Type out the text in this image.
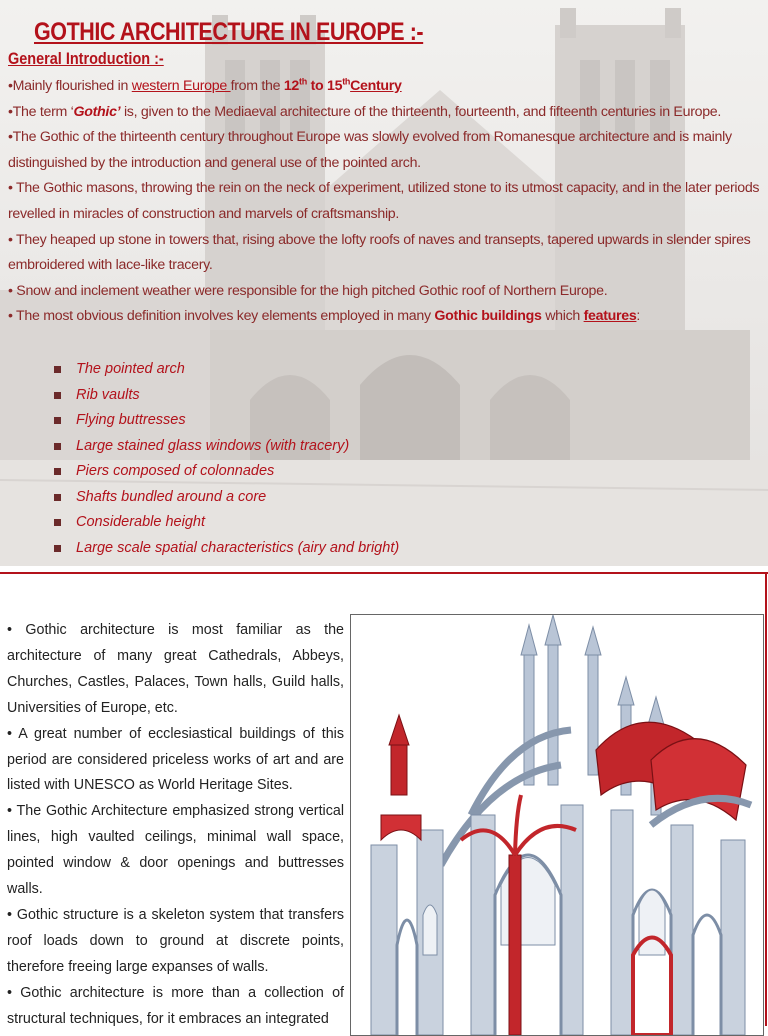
GOTHIC ARCHITECTURE IN EUROPE :-
General Introduction :-
•Mainly flourished in western Europe from the 12th to 15thCentury
•The term ‘Gothic’ is, given to the Mediaeval architecture of the thirteenth, fourteenth, and fifteenth centuries in Europe.
•The Gothic of the thirteenth century throughout Europe was slowly evolved from Romanesque architecture and is mainly distinguished by the introduction and general use of the pointed arch.
• The Gothic masons, throwing the rein on the neck of experiment, utilized stone to its utmost capacity, and in the later periods revelled in miracles of construction and marvels of craftsmanship.
• They heaped up stone in towers that, rising above the lofty roofs of naves and transepts, tapered upwards in slender spires embroidered with lace-like tracery.
• Snow and inclement weather were responsible for the high pitched Gothic roof of Northern Europe.
• The most obvious definition involves key elements employed in many Gothic buildings which features:
The pointed arch
Rib vaults
Flying buttresses
Large stained glass windows (with tracery)
Piers composed of colonnades
Shafts bundled around a core
Considerable height
Large scale spatial characteristics (airy and bright)

• Gothic architecture is most familiar as the architecture of many great Cathedrals, Abbeys, Churches, Castles, Palaces, Town halls, Guild halls, Universities of Europe, etc.

• A great number of ecclesiastical buildings of this period are considered priceless works of art and are listed with UNESCO as World Heritage Sites.

• The Gothic Architecture emphasized strong vertical lines, high vaulted ceilings, minimal wall space, pointed window & door openings and buttresses walls.

• Gothic structure is a skeleton system that transfers roof loads down to ground at discrete points, therefore freeing large expanses of walls.

• Gothic architecture is more than a collection of structural techniques, for it embraces an integrated
